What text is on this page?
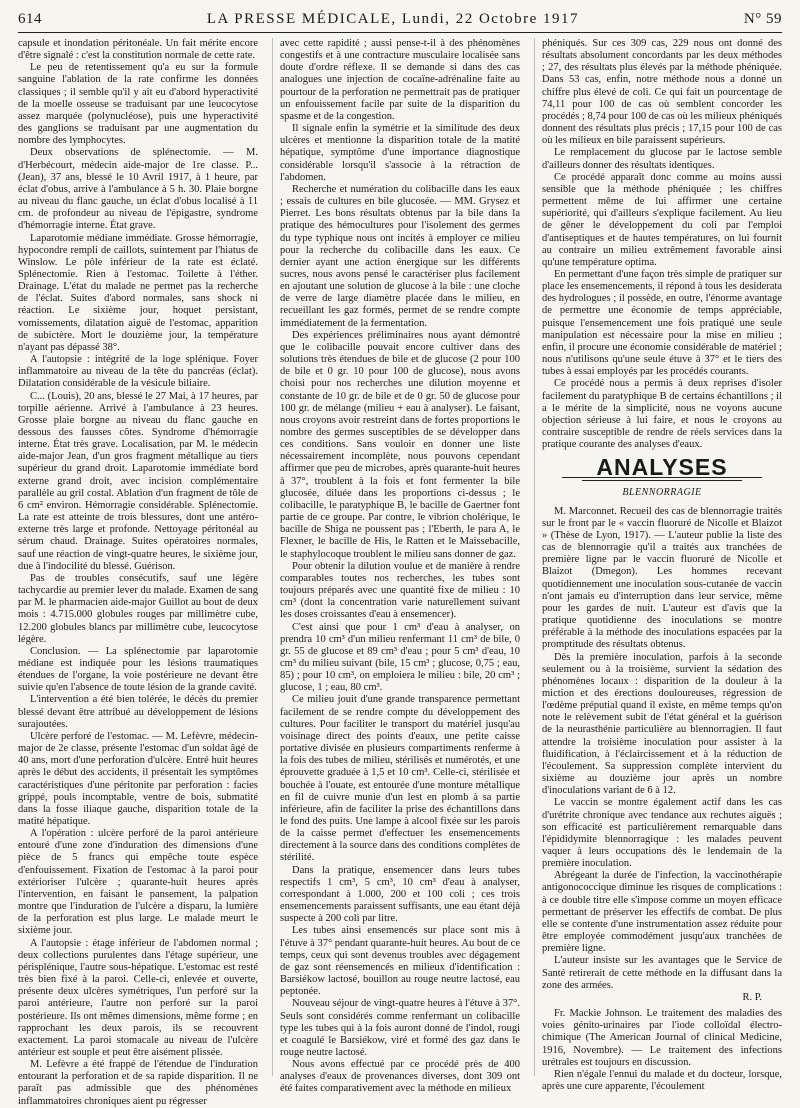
614	LA PRESSE MÉDICALE, Lundi, 22 Octobre 1917	N° 59

capsule et inondation péritonéale. Un fait mérite encore d'être signalé : c'est la constitution normale de cette rate.

Le peu de retentissement qu'a eu sur la formule sanguine l'ablation de la rate confirme les données classiques ; il semble qu'il y ait eu d'abord hyperactivité de la moelle osseuse se traduisant par une leucocytose assez marquée (polynucléose), puis une hyperactivité des ganglions se traduisant par une augmentation du nombre des lymphocytes.

Deux observations de splénectomie. — M. d'Herbécourt, médecin aide-major de 1re classe. P... (Jean), 37 ans, blessé le 10 Avril 1917, à 1 heure, par éclat d'obus, arrive à l'ambulance à 5 h. 30. Plaie borgne au niveau du flanc gauche, un éclat d'obus localisé à 11 cm. de profondeur au niveau de l'épigastre, syndrome d'hémorragie interne. État grave.

Laparotomie médiane immédiate. Grosse hémorragie, hypocondre rempli de caillots, suintement par l'hiatus de Winslow. Le pôle inférieur de la rate est éclaté. Splénectomie. Rien à l'estomac. Toilette à l'éther. Drainage. L'état du malade ne permet pas la recherche de l'éclat. Suites d'abord normales, sans shock ni réaction. Le sixième jour, hoquet persistant, vomissements, dilatation aiguë de l'estomac, apparition de subictère. Mort le douzième jour, la température n'ayant pas dépassé 38°.

A l'autopsie : intégrité de la loge splénique. Foyer inflammatoire au niveau de la tête du pancréas (éclat). Dilatation considérable de la vésicule biliaire.

C... (Louis), 20 ans, blessé le 27 Mai, à 17 heures, par torpille aérienne. Arrivé à l'ambulance à 23 heures. Grosse plaie borgne au niveau du flanc gauche en dessous des fausses côtes. Syndrome d'hémorragie interne. État très grave. Localisation, par M. le médecin aide-major Jean, d'un gros fragment métallique au tiers supérieur du grand droit. Laparotomie immédiate bord externe grand droit, avec incision complémentaire parallèle au gril costal. Ablation d'un fragment de tôle de 6 cm² environ. Hémorragie considérable. Splénectomie. La rate est atteinte de trois blessures, dont une antéro-externe très large et profonde. Nettoyage péritonéal au sérum chaud. Drainage. Suites opératoires normales, sauf une réaction de vingt-quatre heures, le sixième jour, due à l'indocilité du blessé. Guérison.

Pas de troubles consécutifs, sauf une légère tachycardie au premier lever du malade. Examen de sang par M. le pharmacien aide-major Guillot au bout de deux mois : 4.715.000 globules rouges par millimètre cube, 12.200 globules blancs par millimètre cube, leucocytose légère.

Conclusion. — La splénectomie par laparotomie médiane est indiquée pour les lésions traumatiques étendues de l'organe, la voie postérieure ne devant être suivie qu'en l'absence de toute lésion de la grande cavité.

L'intervention a été bien tolérée, le décès du premier blessé devant être attribué au développement de lésions surajoutées.

Ulcère perforé de l'estomac. — M. Lefèvre, médecin-major de 2e classe, présente l'estomac d'un soldat âgé de 40 ans, mort d'une perforation d'ulcère. Entré huit heures après le début des accidents, il présentait les symptômes caractéristiques d'une péritonite par perforation : facies grippé, pouls incomptable, ventre de bois, submatité dans la fosse iliaque gauche, disparition totale de la matité hépatique.

A l'opération : ulcère perforé de la paroi antérieure entouré d'une zone d'induration des dimensions d'une pièce de 5 francs qui empêche toute espèce d'enfouissement. Fixation de l'estomac à la paroi pour extérioriser l'ulcère ; quarante-huit heures après l'intervention, en faisant le pansement, la palpation montre que l'induration de l'ulcère a disparu, la lumière de la perforation est plus large. Le malade meurt le sixième jour.

A l'autopsie : étage inférieur de l'abdomen normal ; deux collections purulentes dans l'étage supérieur, une périsplénique, l'autre sous-hépatique. L'estomac est resté très bien fixé à la paroi. Celle-ci, enlevée et ouverte, présente deux ulcères symétriques, l'un perforé sur la paroi antérieure, l'autre non perforé sur la paroi postérieure. Ils ont mêmes dimensions, même forme ; en rapprochant les deux parois, ils se recouvrent exactement. La paroi stomacale au niveau de l'ulcère antérieur est souple et peut être aisément plissée.

M. Lefèvre a été frappé de l'étendue de l'induration entourant la perforation et de sa rapide disparition. Il ne paraît pas admissible que des phénomènes inflammatoires chroniques aient pu régresser

avec cette rapidité ; aussi pense-t-il à des phénomènes congestifs et à une contracture musculaire localisée sans doute d'ordre réflexe. Il se demande si dans des cas analogues une injection de cocaïne-adrénaline faite au pourtour de la perforation ne permettrait pas de pratiquer un enfouissement facile par suite de la disparition du spasme et de la congestion.

Il signale enfin la symétrie et la similitude des deux ulcères et mentionne la disparition totale de la matité hépatique, symptôme d'une importance diagnostique considérable lorsqu'il s'associe à la rétraction de l'abdomen.

Recherche et numération du colibacille dans les eaux ; essais de cultures en bile glucosée. — MM. Grysez et Pierret. Les bons résultats obtenus par la bile dans la pratique des hémocultures pour l'isolement des germes du type typhique nous ont incités à employer ce milieu pour la recherche du colibacille dans les eaux. Ce dernier ayant une action énergique sur les différents sucres, nous avons pensé le caractériser plus facilement en ajoutant une solution de glucose à la bile : une cloche de verre de large diamètre placée dans le milieu, en recueillant les gaz formés, permet de se rendre compte immédiatement de la fermentation.

Des expériences préliminaires nous ayant démontré que le colibacille pouvait encore cultiver dans des solutions très étendues de bile et de glucose (2 pour 100 de bile et 0 gr. 10 pour 100 de glucose), nous avons choisi pour nos recherches une dilution moyenne et constante de 10 gr. de bile et de 0 gr. 50 de glucose pour 100 gr. de mélange (milieu + eau à analyser). Le faisant, nous croyons avoir restreint dans de fortes proportions le nombre des germes susceptibles de se développer dans ces conditions. Sans vouloir en donner une liste nécessairement incomplète, nous pouvons cependant affirmer que peu de microbes, après quarante-huit heures à 37°, troublent à la fois et font fermenter la bile glucosée, diluée dans les proportions ci-dessus ; le colibacille, le paratyphique B, le bacille de Gaertner font partie de ce groupe. Par contre, le vibrion cholérique, le bacille de Shiga ne poussent pas ; l'Eberth, le para A, le Flexner, le bacille de His, le Ratten et le Maissebacille, le staphylocoque troublent le milieu sans donner de gaz.

Pour obtenir la dilution voulue et de manière à rendre comparables toutes nos recherches, les tubes sont toujours préparés avec une quantité fixe de milieu : 10 cm³ (dont la concentration varie naturellement suivant les doses croissantes d'eau à ensemencer).

C'est ainsi que pour 1 cm³ d'eau à analyser, on prendra 10 cm³ d'un milieu renfermant 11 cm³ de bile, 0 gr. 55 de glucose et 89 cm³ d'eau ; pour 5 cm³ d'eau, 10 cm³ du milieu suivant (bile, 15 cm³ ; glucose, 0,75 ; eau, 85) ; pour 10 cm³, on emploiera le milieu : bile, 20 cm³ ; glucose, 1 ; eau, 80 cm³.

Ce milieu jouit d'une grande transparence permettant facilement de se rendre compte du développement des cultures. Pour faciliter le transport du matériel jusqu'au voisinage direct des points d'eaux, une petite caisse portative divisée en plusieurs compartiments renferme à la fois des tubes de milieu, stérilisés et numérotés, et une éprouvette graduée à 1,5 et 10 cm³. Celle-ci, stérilisée et bouchée à l'ouate, est entourée d'une monture métallique en fil de cuivre munie d'un lest en plomb à sa partie inférieure, afin de faciliter la prise des échantillons dans le fond des puits. Une lampe à alcool fixée sur les parois de la caisse permet d'effectuer les ensemencements directement à la source dans des conditions complètes de stérilité.

Dans la pratique, ensemencer dans leurs tubes respectifs 1 cm³, 5 cm³, 10 cm³ d'eau à analyser, correspondant à 1.000, 200 et 100 coli ; ces trois ensemencements paraissent suffisants, une eau étant déjà suspecte à 200 coli par litre.

Les tubes ainsi ensemencés sur place sont mis à l'étuve à 37° pendant quarante-huit heures. Au bout de ce temps, ceux qui sont devenus troubles avec dégagement de gaz sont réensemencés en milieux d'identification : Barsiékow lactosé, bouillon au rouge neutre lactosé, eau peptonée.

Nouveau séjour de vingt-quatre heures à l'étuve à 37°. Seuls sont considérés comme renfermant un colibacille type les tubes qui à la fois auront donné de l'indol, rougi et coagulé le Barsiékow, viré et formé des gaz dans le rouge neutre lactosé.

Nous avons effectué par ce procédé près de 400 analyses d'eaux de provenances diverses, dont 309 ont été faites comparativement avec la méthode en milieux

phéniqués. Sur ces 309 cas, 229 nous ont donné des résultats absolument concordants par les deux méthodes ; 27, des résultats plus élevés par la méthode phéniquée. Dans 53 cas, enfin, notre méthode nous a donné un chiffre plus élevé de coli. Ce qui fait un pourcentage de 74,11 pour 100 de cas où semblent concorder les procédés ; 8,74 pour 100 de cas où les milieux phéniqués donnent des résultats plus précis ; 17,15 pour 100 de cas où les milieux en bile paraissent supérieurs.

Le remplacement du glucose par le lactose semble d'ailleurs donner des résultats identiques.

Ce procédé apparaît donc comme au moins aussi sensible que la méthode phéniquée ; les chiffres permettent même de lui affirmer une certaine supériorité, qui d'ailleurs s'explique facilement. Au lieu de gêner le développement du coli par l'emploi d'antiseptiques et de hautes températures, on lui fournit au contraire un milieu extrêmement favorable ainsi qu'une température optima.

En permettant d'une façon très simple de pratiquer sur place les ensemencements, il répond à tous les desiderata des hydrologues ; il possède, en outre, l'énorme avantage de permettre une économie de temps appréciable, puisque l'ensemencement une fois pratiqué une seule manipulation est nécessaire pour la mise en milieu ; enfin, il procure une économie considérable de matériel ; nous n'utilisons qu'une seule étuve à 37° et le tiers des tubes à essai employés par les procédés courants.

Ce procédé nous a permis à deux reprises d'isoler facilement du paratyphique B de certains échantillons ; il a le mérite de la simplicité, nous ne voyons aucune objection sérieuse à lui faire, et nous le croyons au contraire susceptible de rendre de réels services dans la pratique courante des analyses d'eaux.

ANALYSES
BLENNORRAGIE

M. Marconnet. Recueil des cas de blennorragie traités sur le front par le « vaccin fluoruré de Nicolle et Blaizot » (Thèse de Lyon, 1917). — L'auteur publie la liste des cas de blennorragie qu'il a traités aux tranchées de première ligne par le vaccin fluoruré de Nicolle et Blaizot (Dmegon). Les hommes recevant quotidiennement une inoculation sous-cutanée de vaccin n'ont jamais eu d'interruption dans leur service, même pour les gardes de nuit. L'auteur est d'avis que la pratique quotidienne des inoculations se montre préférable à la méthode des inoculations espacées par la promptitude des résultats obtenus.

Dès la première inoculation, parfois à la seconde seulement ou à la troisième, survient la sédation des phénomènes locaux : disparition de la douleur à la miction et des érections douloureuses, régression de l'œdème préputial quand il existe, en même temps qu'on note le relèvement subit de l'état général et la guérison de la neurasthénie particulière au blennorragien. Il faut attendre la troisième inoculation pour assister à la fluidification, à l'éclaircissement et à la réduction de l'écoulement. Sa suppression complète intervient du sixième au douzième jour après un nombre d'inoculations variant de 6 à 12.

Le vaccin se montre également actif dans les cas d'urétrite chronique avec tendance aux rechutes aiguës ; son efficacité est particulièrement remarquable dans l'épididymite blennorragique : les malades peuvent vaquer à leurs occupations dès le lendemain de la première inoculation.

Abrégeant la durée de l'infection, la vaccinothérapie antigonococcique diminue les risques de complications : à ce double titre elle s'impose comme un moyen efficace permettant de préserver les effectifs de combat. De plus elle se contente d'une instrumentation assez réduite pour être employée commodément jusqu'aux tranchées de première ligne.

L'auteur insiste sur les avantages que le Service de Santé retirerait de cette méthode en la diffusant dans la zone des armées.

R. P.

Fr. Mackie Johnson. Le traitement des maladies des voies génito-urinaires par l'iode colloïdal électro-chimique (The American Journal of clinical Medicine, 1916, Novembre). — Le traitement des infections urétrales est toujours en discussion.

Rien n'égale l'ennui du malade et du docteur, lorsque, après une cure apparente, l'écoulement
